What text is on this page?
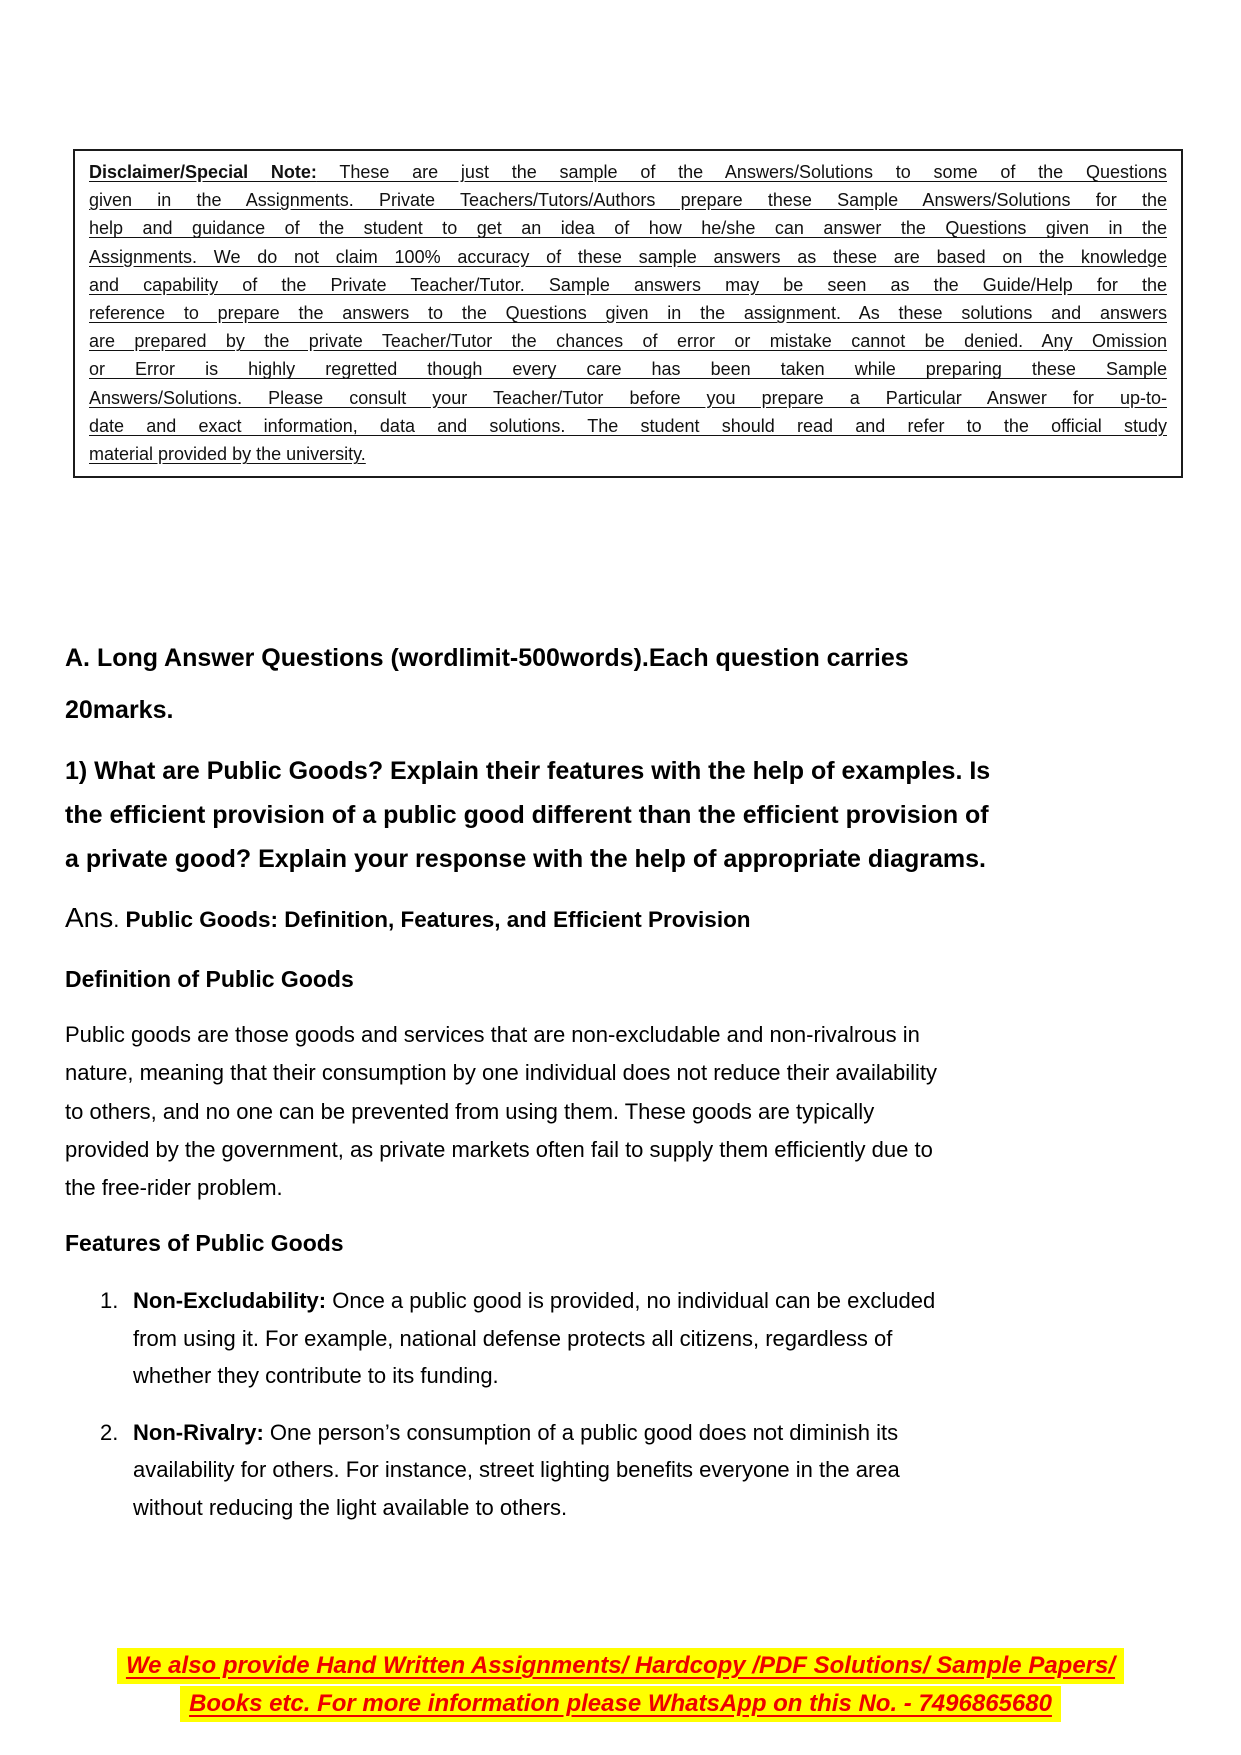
Disclaimer/Special Note: These are just the sample of the Answers/Solutions to some of the Questions
given in the Assignments. Private Teachers/Tutors/Authors prepare these Sample Answers/Solutions for the
help and guidance of the student to get an idea of how he/she can answer the Questions given in the
Assignments. We do not claim 100% accuracy of these sample answers as these are based on the knowledge
and capability of the Private Teacher/Tutor. Sample answers may be seen as the Guide/Help for the
reference to prepare the answers to the Questions given in the assignment. As these solutions and answers
are prepared by the private Teacher/Tutor the chances of error or mistake cannot be denied. Any Omission
or Error is highly regretted though every care has been taken while preparing these Sample
Answers/Solutions. Please consult your Teacher/Tutor before you prepare a Particular Answer for up-to-
date and exact information, data and solutions. The student should read and refer to the official study
material provided by the university.
A. Long Answer Questions (wordlimit-500words).Each question carries
20marks.
1) What are Public Goods? Explain their features with the help of examples. Is
the efficient provision of a public good different than the efficient provision of
a private good? Explain your response with the help of appropriate diagrams.
Ans. Public Goods: Definition, Features, and Efficient Provision
Definition of Public Goods
Public goods are those goods and services that are non-excludable and non-rivalrous in
nature, meaning that their consumption by one individual does not reduce their availability
to others, and no one can be prevented from using them. These goods are typically
provided by the government, as private markets often fail to supply them efficiently due to
the free-rider problem.
Features of Public Goods
1. Non-Excludability: Once a public good is provided, no individual can be excluded
from using it. For example, national defense protects all citizens, regardless of
whether they contribute to its funding.
2. Non-Rivalry: One person’s consumption of a public good does not diminish its
availability for others. For instance, street lighting benefits everyone in the area
without reducing the light available to others.
We also provide Hand Written Assignments/ Hardcopy /PDF Solutions/ Sample Papers/
Books etc. For more information please WhatsApp on this No. - 7496865680
